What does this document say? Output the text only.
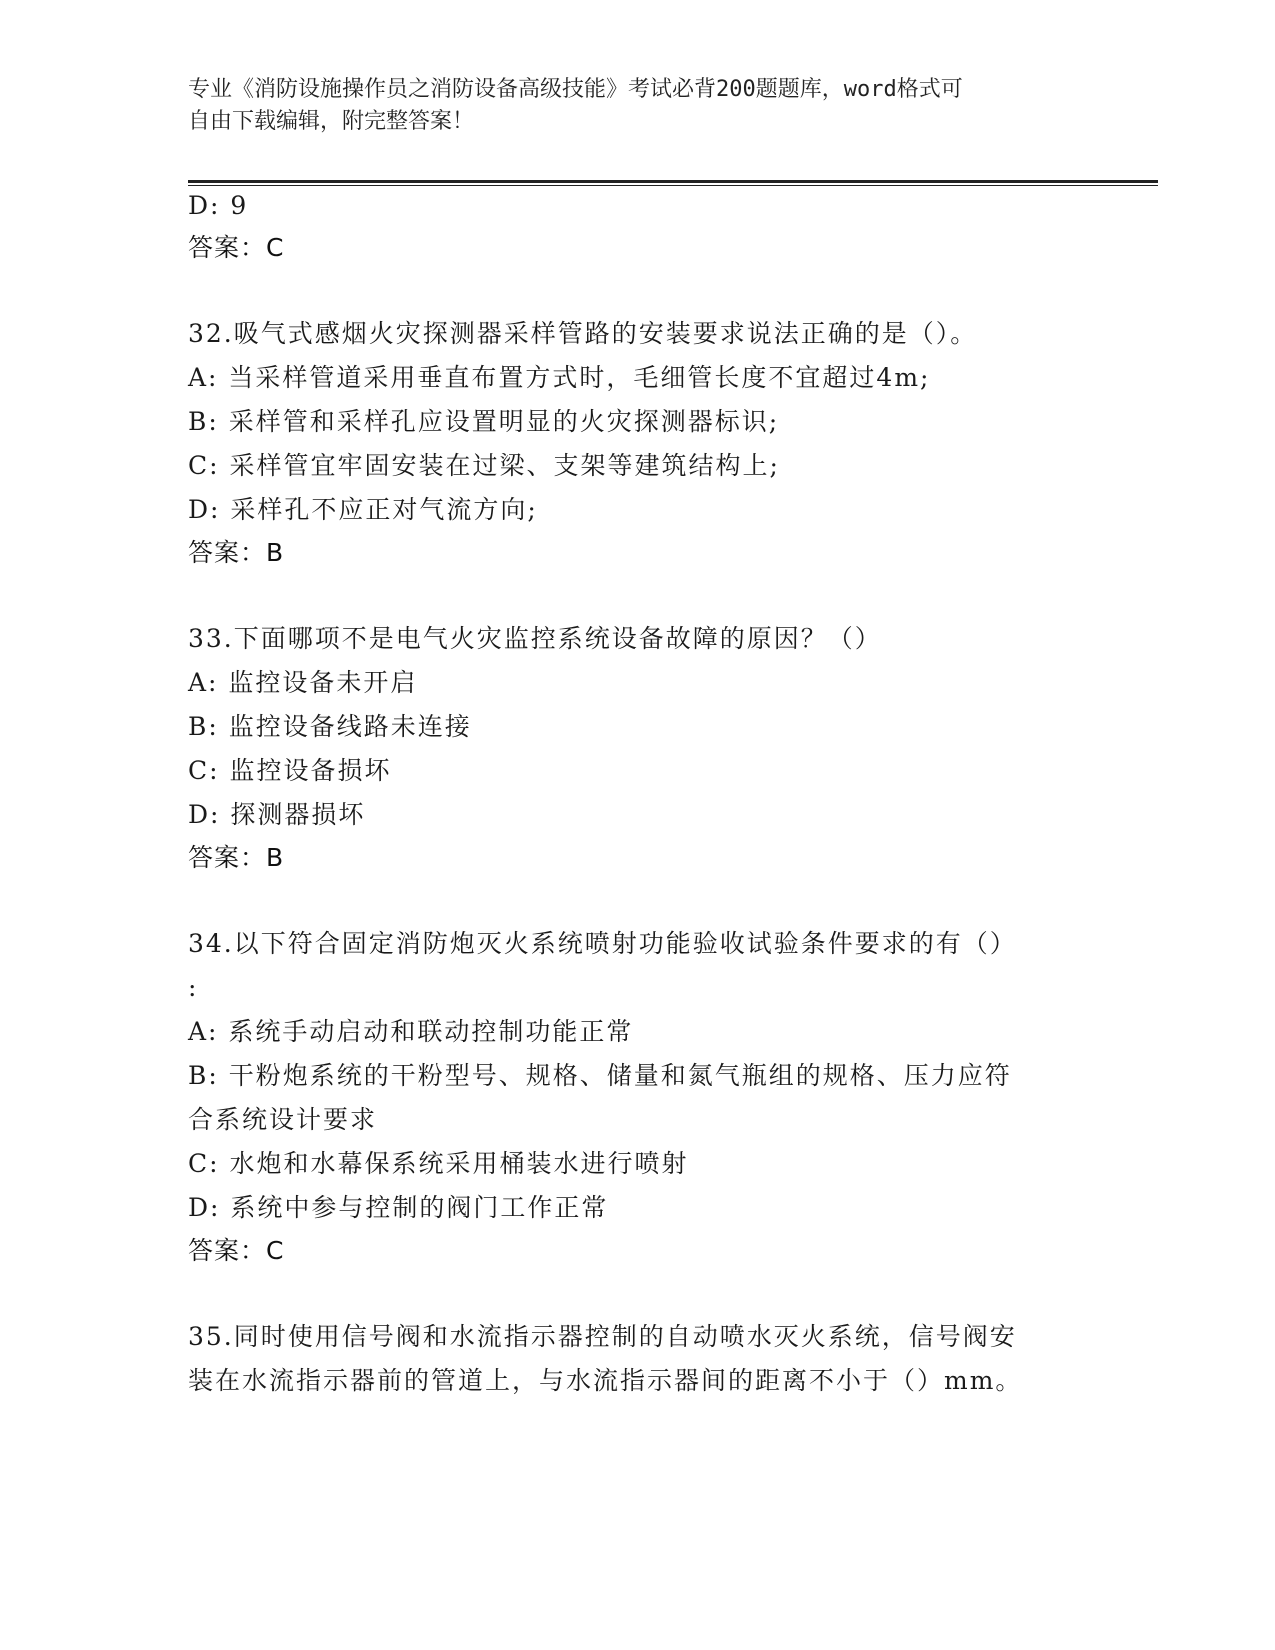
专业《消防设施操作员之消防设备高级技能》考试必背200题题库，word格式可
自由下载编辑，附完整答案！
D: 9
答案：C
32.吸气式感烟火灾探测器采样管路的安装要求说法正确的是（）。
A: 当采样管道采用垂直布置方式时，毛细管长度不宜超过4m;
B: 采样管和采样孔应设置明显的火灾探测器标识;
C: 采样管宜牢固安装在过梁、支架等建筑结构上;
D: 采样孔不应正对气流方向;
答案：B
33.下面哪项不是电气火灾监控系统设备故障的原因？（）
A: 监控设备未开启
B: 监控设备线路未连接
C: 监控设备损坏
D: 探测器损坏
答案：B
34.以下符合固定消防炮灭火系统喷射功能验收试验条件要求的有（）
:
A: 系统手动启动和联动控制功能正常
B: 干粉炮系统的干粉型号、规格、储量和氮气瓶组的规格、压力应符
合系统设计要求
C: 水炮和水幕保系统采用桶装水进行喷射
D: 系统中参与控制的阀门工作正常
答案：C
35.同时使用信号阀和水流指示器控制的自动喷水灭火系统，信号阀安
装在水流指示器前的管道上，与水流指示器间的距离不小于（）mm。
